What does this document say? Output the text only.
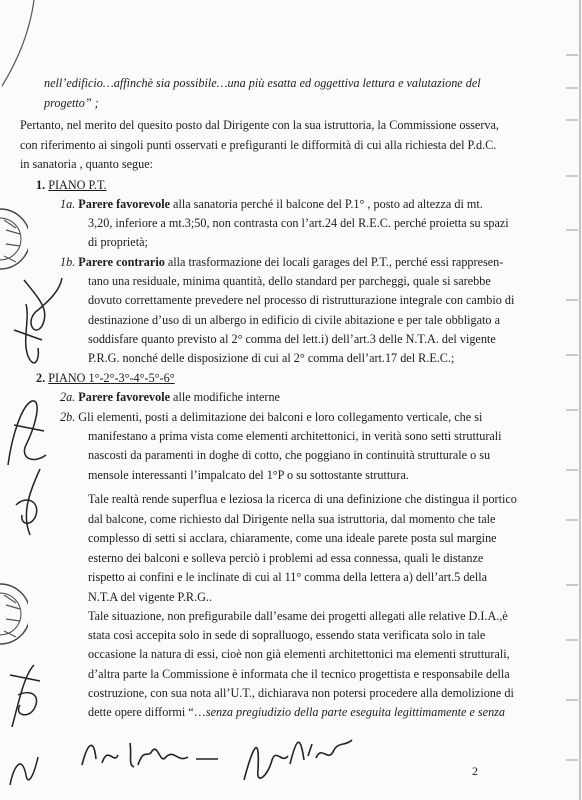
nell’edificio…affinchè sia possibile…una più esatta ed oggettiva lettura e valutazione del
progetto” ;
Pertanto, nel merito del quesito posto dal Dirigente con la sua istruttoria, la Commissione osserva,
con riferimento ai singoli punti osservati e prefiguranti le difformità di cui alla richiesta del P.d.C.
in sanatoria , quanto segue:
1. PIANO P.T.
1a. Parere favorevole alla sanatoria perché il balcone del P.1° , posto ad altezza di mt.
3,20, inferiore a mt.3;50, non contrasta con l’art.24 del R.E.C. perché proietta su spazi
di proprietà;
1b. Parere contrario alla trasformazione dei locali garages del P.T., perché essi rappresen-
tano una residuale, minima quantità, dello standard per parcheggi, quale si sarebbe
dovuto correttamente prevedere nel processo di ristrutturazione integrale con cambio di
destinazione d’uso di un albergo in edificio di civile abitazione e per tale obbligato a
soddisfare quanto previsto al 2° comma del lett.i) dell’art.3 delle N.T.A. del vigente
P.R.G. nonché delle disposizione di cui al 2° comma dell’art.17 del R.E.C.;
2. PIANO 1°-2°-3°-4°-5°-6°
2a. Parere favorevole alle modifiche interne
2b. Gli elementi, posti a delimitazione dei balconi e loro collegamento verticale, che si
manifestano a prima vista come elementi architettonici, in verità sono setti strutturali
nascosti da paramenti in doghe di cotto, che poggiano in continuità strutturale o su
mensole interessanti l’impalcato del 1°P o su sottostante struttura.
Tale realtà rende superflua e leziosa la ricerca di una definizione che distingua il portico
dal balcone, come richiesto dal Dirigente nella sua istruttoria, dal momento che tale
complesso di setti si acclara, chiaramente, come una ideale parete posta sul margine
esterno dei balconi e solleva perciò i problemi ad essa connessa, quali le distanze
rispetto ai confini e le inclinate di cui al 11° comma della lettera a) dell’art.5 della
N.T.A del vigente P.R.G..
Tale situazione, non prefigurabile dall’esame dei progetti allegati alle relative D.I.A.,è
stata così accepita solo in sede di sopralluogo, essendo stata verificata solo in tale
occasione la natura di essi, cioè non già elementi architettonici ma elementi strutturali,
d’altra parte la Commissione è informata che il tecnico progettista e responsabile della
costruzione, con sua nota all’U.T., dichiarava non potersi procedere alla demolizione di
dette opere difformi “…senza pregiudizio della parte eseguita legittimamente e senza
2
